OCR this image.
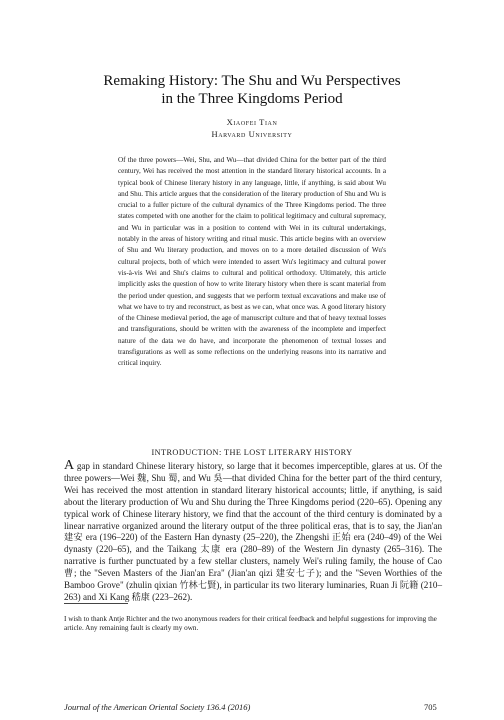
Remaking History: The Shu and Wu Perspectives
in the Three Kingdoms Period
Xiaofei Tian
Harvard University

Of the three powers—Wei, Shu, and Wu—that divided China for the better part of the third century, Wei has received the most attention in the standard literary historical accounts. In a typical book of Chinese literary history in any language, little, if anything, is said about Wu and Shu. This article argues that the consideration of the literary production of Shu and Wu is crucial to a fuller picture of the cultural dynamics of the Three Kingdoms period. The three states competed with one another for the claim to political legitimacy and cultural supremacy, and Wu in particular was in a position to contend with Wei in its cultural undertakings, notably in the areas of history writing and ritual music. This article begins with an overview of Shu and Wu literary production, and moves on to a more detailed discussion of Wu's cultural projects, both of which were intended to assert Wu's legitimacy and cultural power vis-à-vis Wei and Shu's claims to cultural and political orthodoxy. Ultimately, this article implicitly asks the question of how to write literary history when there is scant material from the period under question, and suggests that we perform textual excavations and make use of what we have to try and reconstruct, as best as we can, what once was. A good literary history of the Chinese medieval period, the age of manuscript culture and that of heavy textual losses and transfigurations, should be written with the awareness of the incomplete and imperfect nature of the data we do have, and incorporate the phenomenon of textual losses and transfigurations as well as some reflections on the underlying reasons into its narrative and critical inquiry.

INTRODUCTION: THE LOST LITERARY HISTORY

A gap in standard Chinese literary history, so large that it becomes imperceptible, glares at us. Of the three powers—Wei 魏, Shu 蜀, and Wu 吳—that divided China for the better part of the third century, Wei has received the most attention in standard literary historical accounts; little, if anything, is said about the literary production of Wu and Shu during the Three Kingdoms period (220–65). Opening any typical work of Chinese literary history, we find that the account of the third century is dominated by a linear narrative organized around the literary output of the three political eras, that is to say, the Jian'an 建安 era (196–220) of the Eastern Han dynasty (25–220), the Zhengshi 正始 era (240–49) of the Wei dynasty (220–65), and the Taikang 太康 era (280–89) of the Western Jin dynasty (265–316). The narrative is further punctuated by a few stellar clusters, namely Wei's ruling family, the house of Cao 曹; the "Seven Masters of the Jian'an Era" (Jian'an qizi 建安七子); and the "Seven Worthies of the Bamboo Grove" (zhulin qixian 竹林七賢), in particular its two literary luminaries, Ruan Ji 阮籍 (210–263) and Xi Kang 嵇康 (223–262).

I wish to thank Antje Richter and the two anonymous readers for their critical feedback and helpful suggestions for improving the article. Any remaining fault is clearly my own.

Journal of the American Oriental Society 136.4 (2016)	705
